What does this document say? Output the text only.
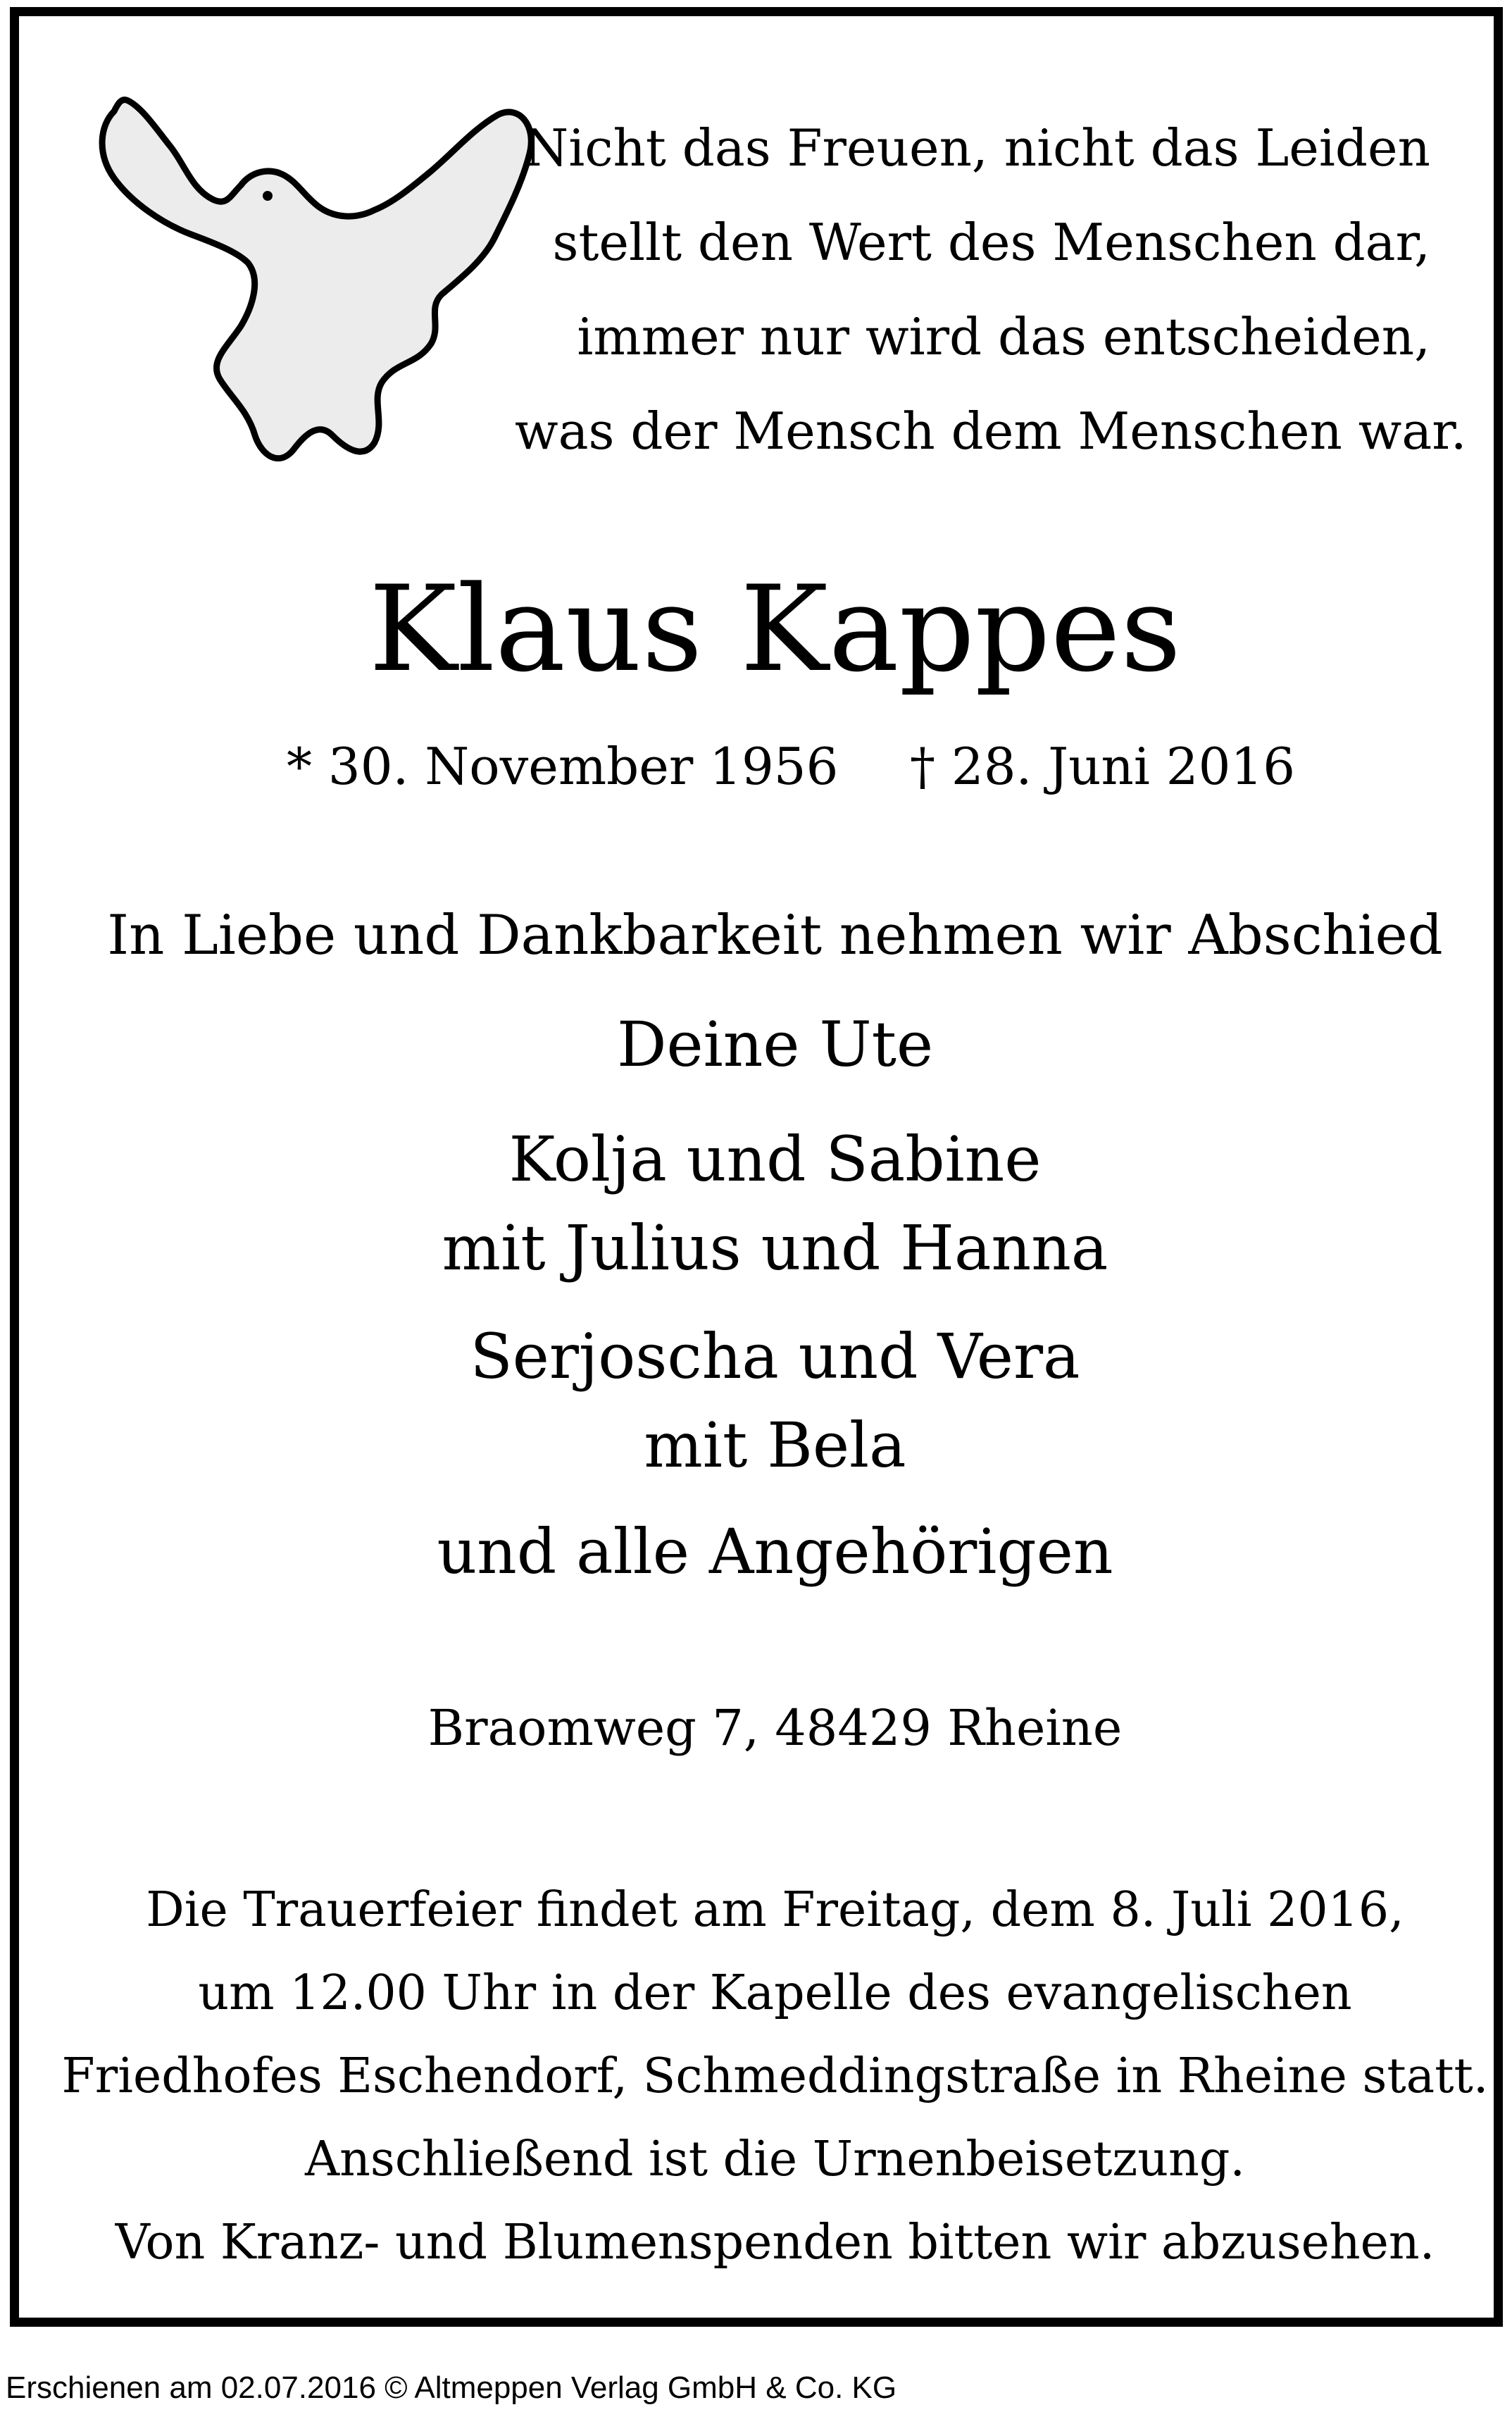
Nicht das Freuen, nicht das Leiden
stellt den Wert des Menschen dar,
immer nur wird das entscheiden,
was der Mensch dem Menschen war.
Klaus Kappes
* 30. November 1956 † 28. Juni 2016
In Liebe und Dankbarkeit nehmen wir Abschied
Deine Ute
Kolja und Sabine
mit Julius und Hanna
Serjoscha und Vera
mit Bela
und alle Angehörigen
Braomweg 7, 48429 Rheine
Die Trauerfeier findet am Freitag, dem 8. Juli 2016,
um 12.00 Uhr in der Kapelle des evangelischen
Friedhofes Eschendorf, Schmeddingstraße in Rheine statt.
Anschließend ist die Urnenbeisetzung.
Von Kranz- und Blumenspenden bitten wir abzusehen.
Erschienen am 02.07.2016 © Altmeppen Verlag GmbH & Co. KG
